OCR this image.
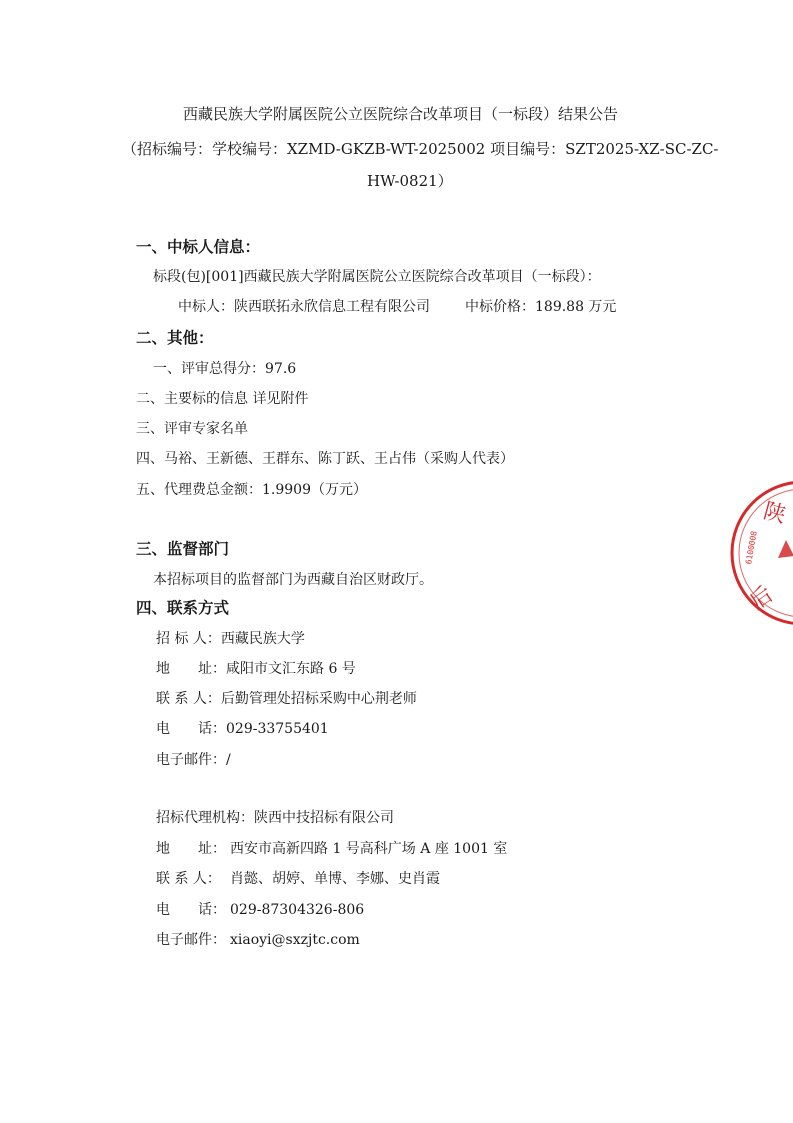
西藏民族大学附属医院公立医院综合改革项目（一标段）结果公告
（招标编号：学校编号：XZMD-GKZB-WT-2025002 项目编号：SZT2025-XZ-SC-ZC-
HW-0821）
一、中标人信息：
标段(包)[001]西藏民族大学附属医院公立医院综合改革项目（一标段）：
中标人：陕西联拓永欣信息工程有限公司	中标价格：189.88 万元
二、其他：
一、评审总得分：97.6
二、主要标的信息 详见附件
三、评审专家名单
四、马裕、王新德、王群东、陈丁跃、王占伟（采购人代表）
五、代理费总金额：1.9909（万元）
三、监督部门
本招标项目的监督部门为西藏自治区财政厅。
四、联系方式
招 标 人：西藏民族大学
地　　址：咸阳市文汇东路 6 号
联 系 人：后勤管理处招标采购中心荆老师
电　　话：029-33755401
电子邮件：/
招标代理机构：陕西中技招标有限公司
地　　址： 西安市高新四路 1 号高科广场 A 座 1001 室
联 系 人： 肖懿、胡婷、单博、李娜、史肖霞
电　　话： 029-87304326-806
电子邮件： xiaoyi@sxzjtc.com
陕
后
6100008
